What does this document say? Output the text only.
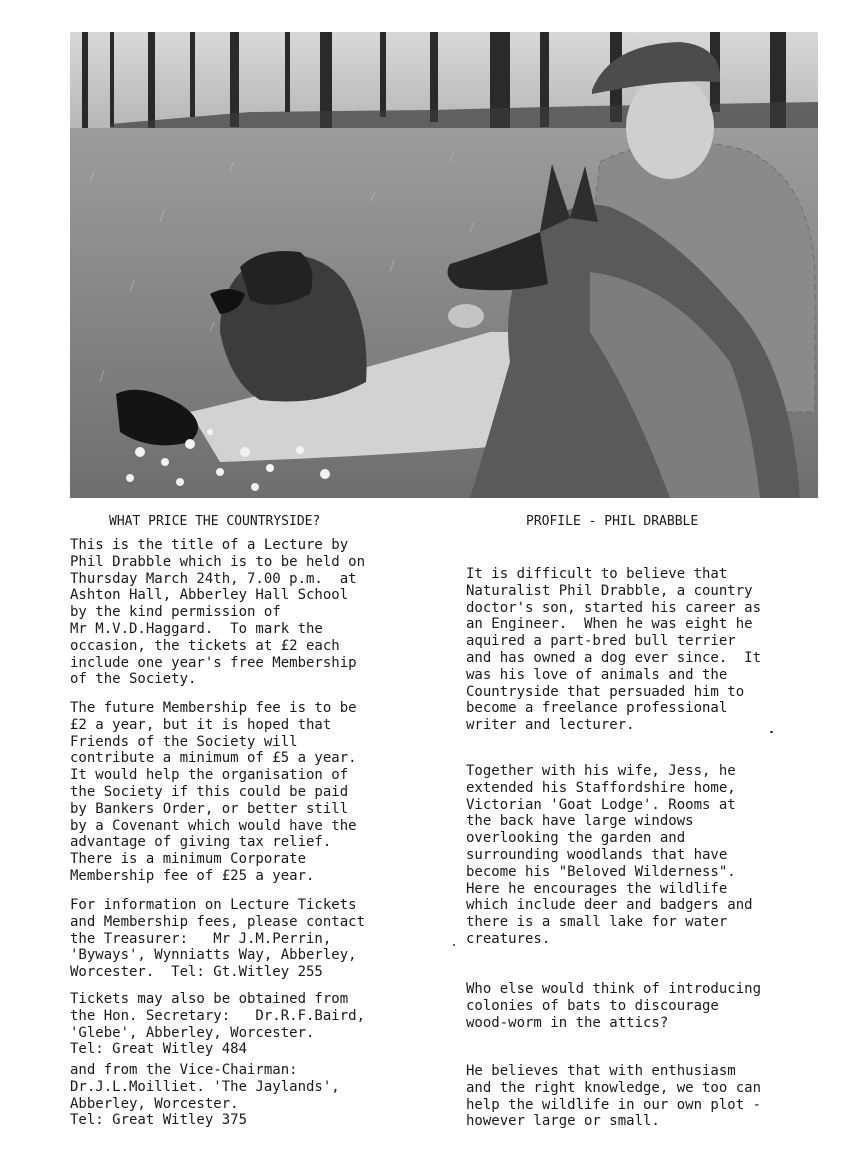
WHAT PRICE THE COUNTRYSIDE?

This is the title of a Lecture by
Phil Drabble which is to be held on
Thursday March 24th, 7.00 p.m.  at
Ashton Hall, Abberley Hall School
by the kind permission of
Mr M.V.D.Haggard.  To mark the
occasion, the tickets at £2 each
include one year's free Membership
of the Society.

The future Membership fee is to be
£2 a year, but it is hoped that
Friends of the Society will
contribute a minimum of £5 a year.
It would help the organisation of
the Society if this could be paid
by Bankers Order, or better still
by a Covenant which would have the
advantage of giving tax relief.
There is a minimum Corporate
Membership fee of £25 a year.

For information on Lecture Tickets
and Membership fees, please contact
the Treasurer:   Mr J.M.Perrin,
'Byways', Wynniatts Way, Abberley,
Worcester.  Tel: Gt.Witley 255

Tickets may also be obtained from
the Hon. Secretary:   Dr.R.F.Baird,
'Glebe', Abberley, Worcester.
Tel: Great Witley 484

and from the Vice-Chairman:
Dr.J.L.Moilliet. 'The Jaylands',
Abberley, Worcester.
Tel: Great Witley 375

PROFILE - PHIL DRABBLE

It is difficult to believe that
Naturalist Phil Drabble, a country
doctor's son, started his career as
an Engineer.  When he was eight he
aquired a part-bred bull terrier
and has owned a dog ever since.  It
was his love of animals and the
Countryside that persuaded him to
become a freelance professional
writer and lecturer.

Together with his wife, Jess, he
extended his Staffordshire home,
Victorian 'Goat Lodge'. Rooms at
the back have large windows
overlooking the garden and
surrounding woodlands that have
become his "Beloved Wilderness".
Here he encourages the wildlife
which include deer and badgers and
there is a small lake for water
creatures.

Who else would think of introducing
colonies of bats to discourage
wood-worm in the attics?

He believes that with enthusiasm
and the right knowledge, we too can
help the wildlife in our own plot -
however large or small.
